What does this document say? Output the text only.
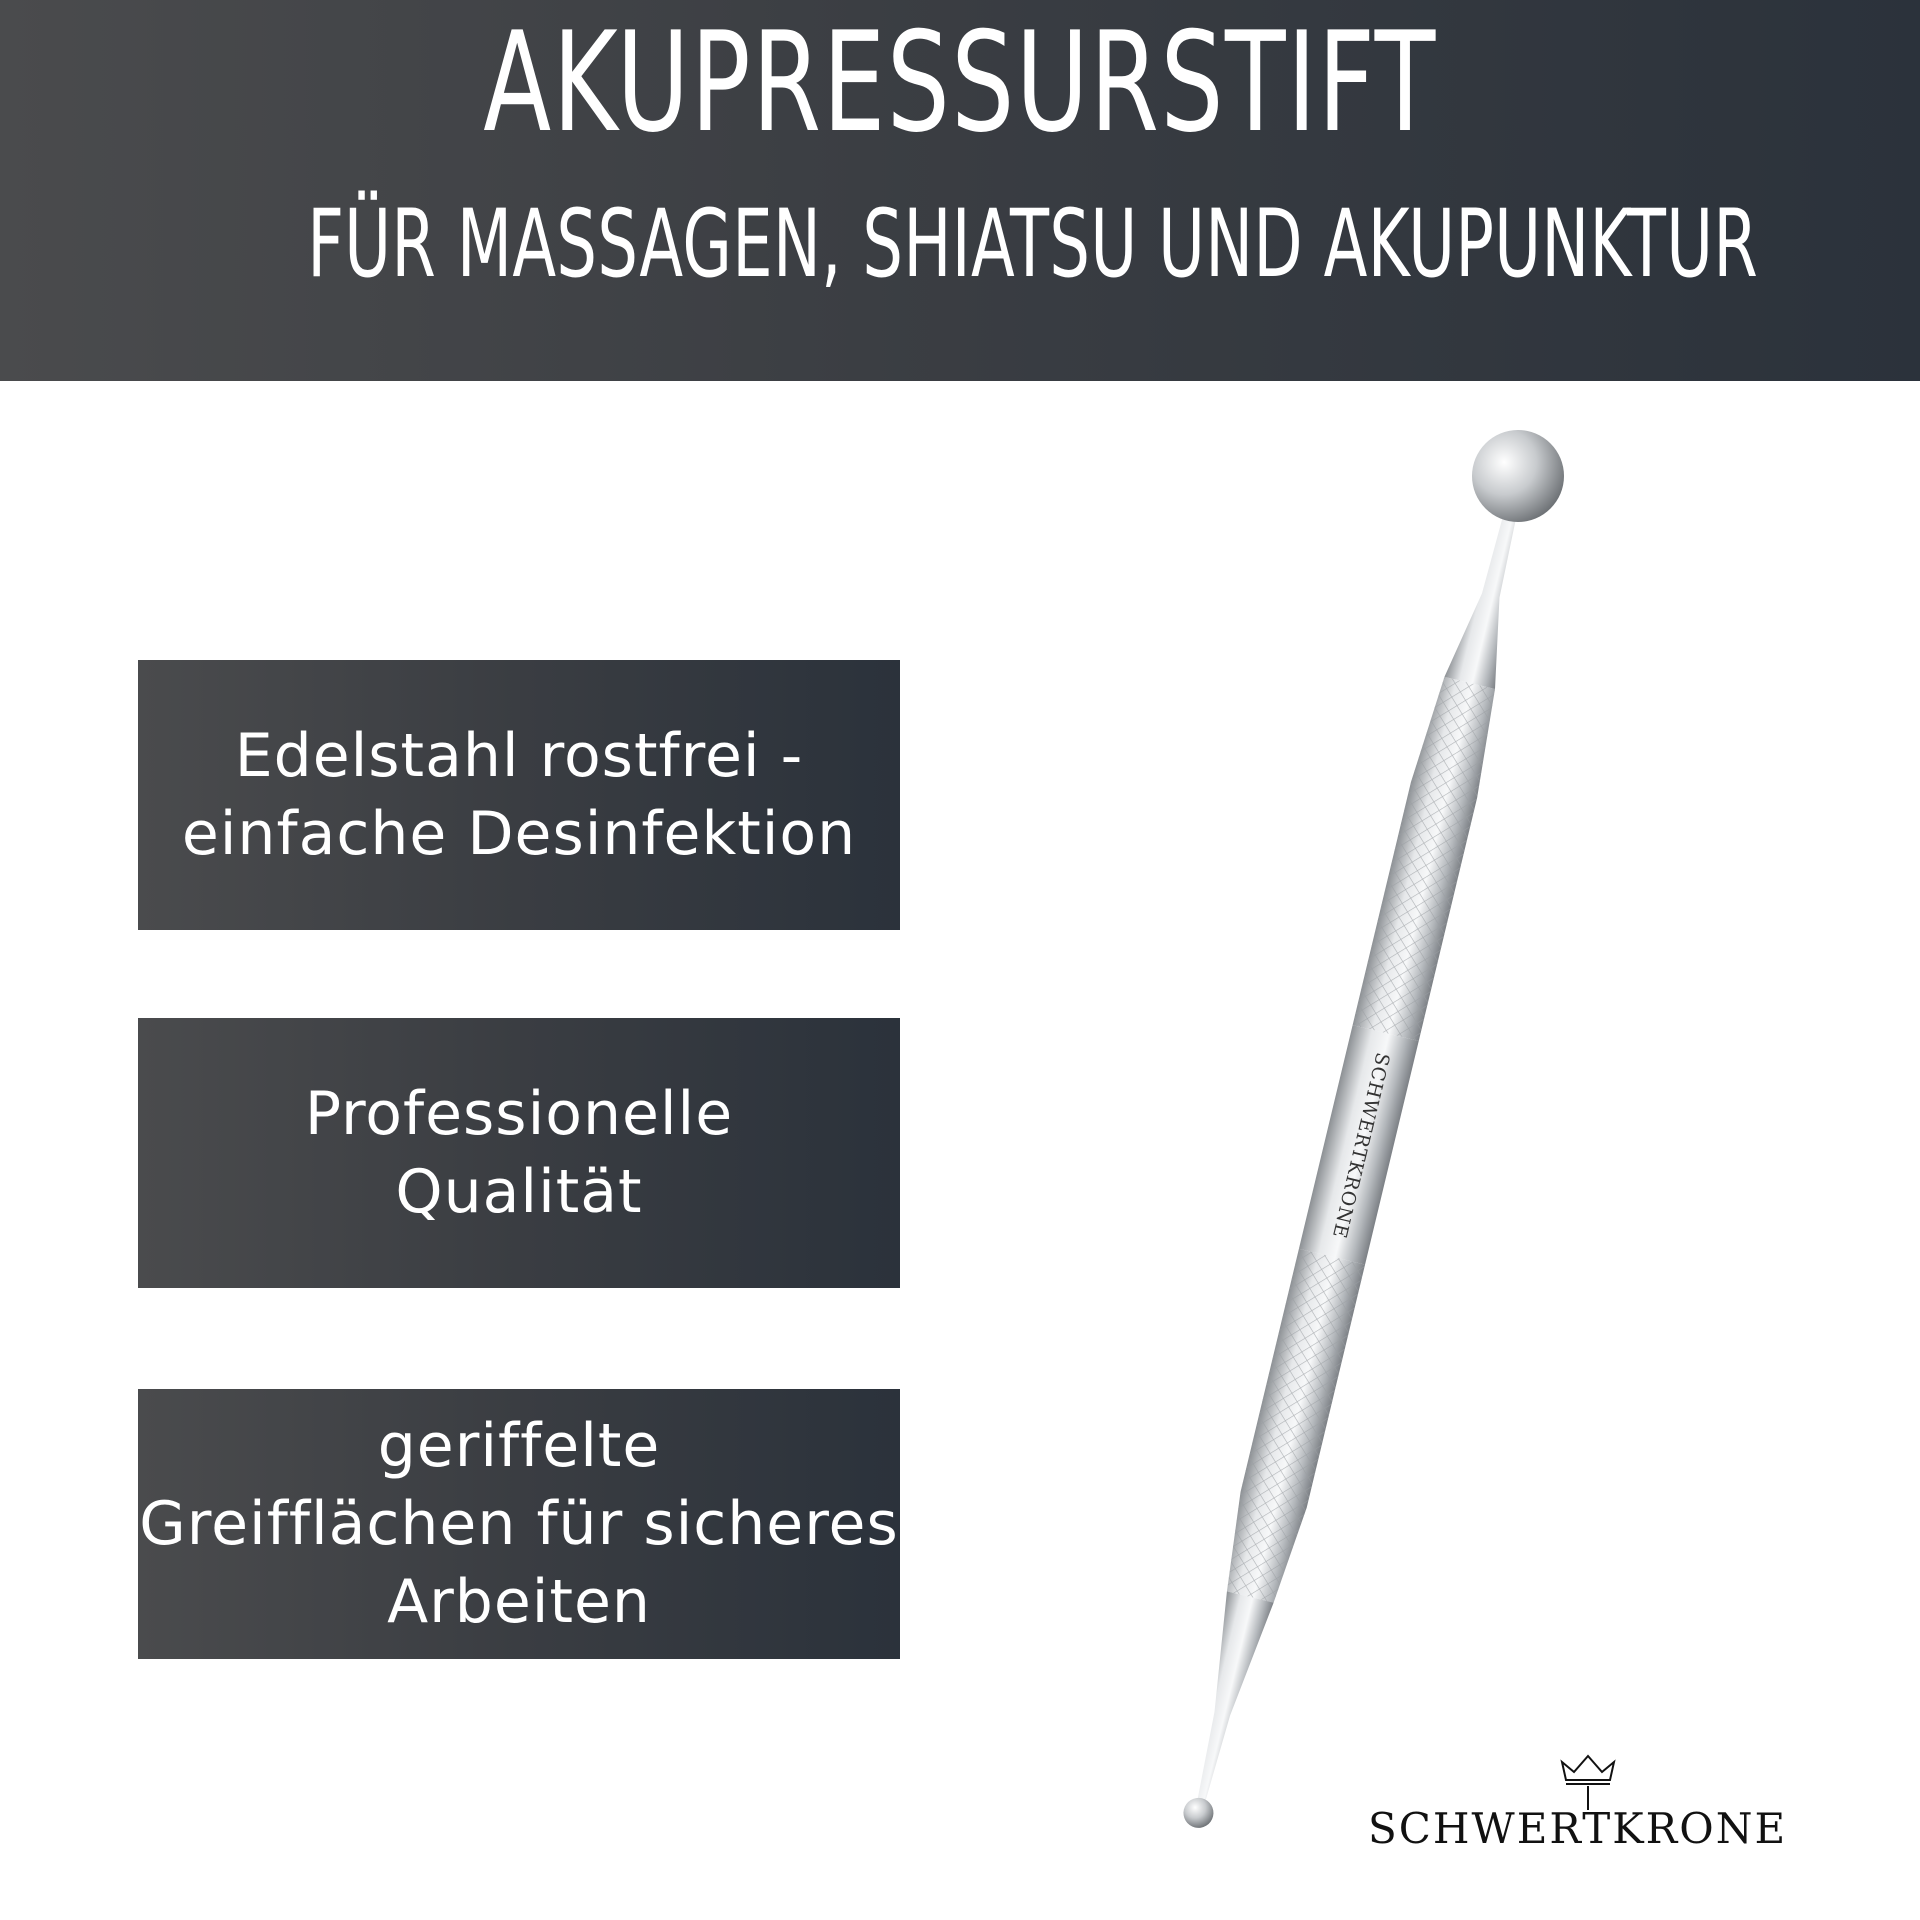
AKUPRESSURSTIFT
FÜR MASSAGEN, SHIATSU UND AKUPUNKTUR
Edelstahl rostfrei -
einfache Desinfektion
Professionelle
Qualität
geriffelte
Greifflächen für sicheres
Arbeiten
SCHWERTKRONE
SCHWERTKRONE
